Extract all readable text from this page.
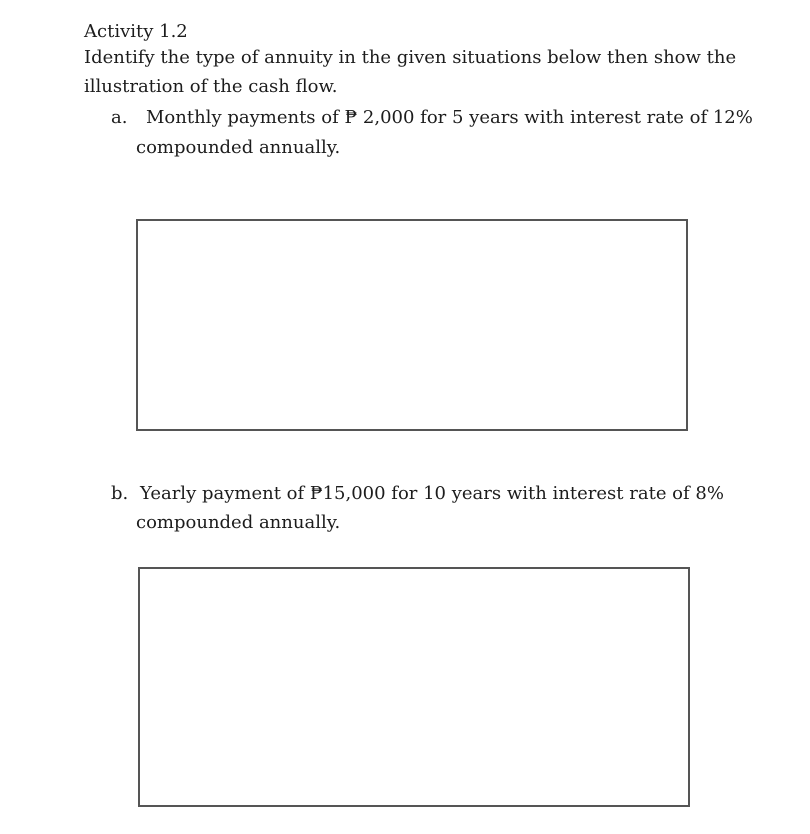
Activity 1.2
Identify the type of annuity in the given situations below then show the
illustration of the cash flow.
a. Monthly payments of ₱ 2,000 for 5 years with interest rate of 12%
compounded annually.
b. Yearly payment of ₱15,000 for 10 years with interest rate of 8%
compounded annually.
